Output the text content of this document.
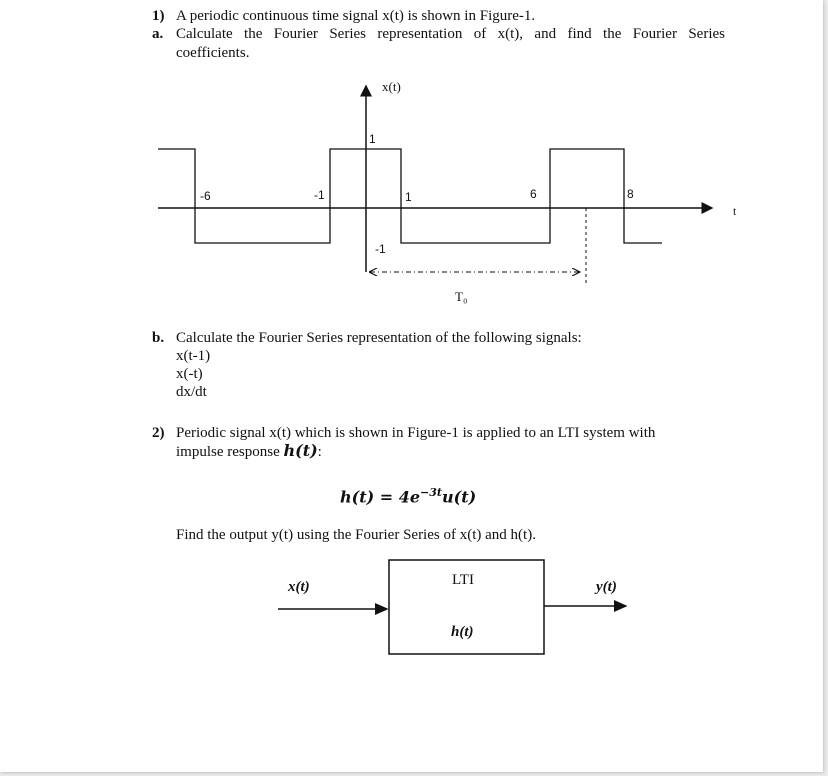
1) A periodic continuous time signal x(t) is shown in Figure-1.
a. Calculate the Fourier Series representation of x(t), and find the Fourier Series
coefficients.
x(t)
t
1
-1
-6	-1	1	6	8
T₀
b. Calculate the Fourier Series representation of the following signals:
x(t-1)
x(-t)
dx/dt
2) Periodic signal x(t) which is shown in Figure-1 is applied to an LTI system with
impulse response h(t):
$h(t) = 4e^{-3t}u(t)$
Find the output y(t) using the Fourier Series of x(t) and h(t).
x(t)	LTI
h(t)
y(t)
